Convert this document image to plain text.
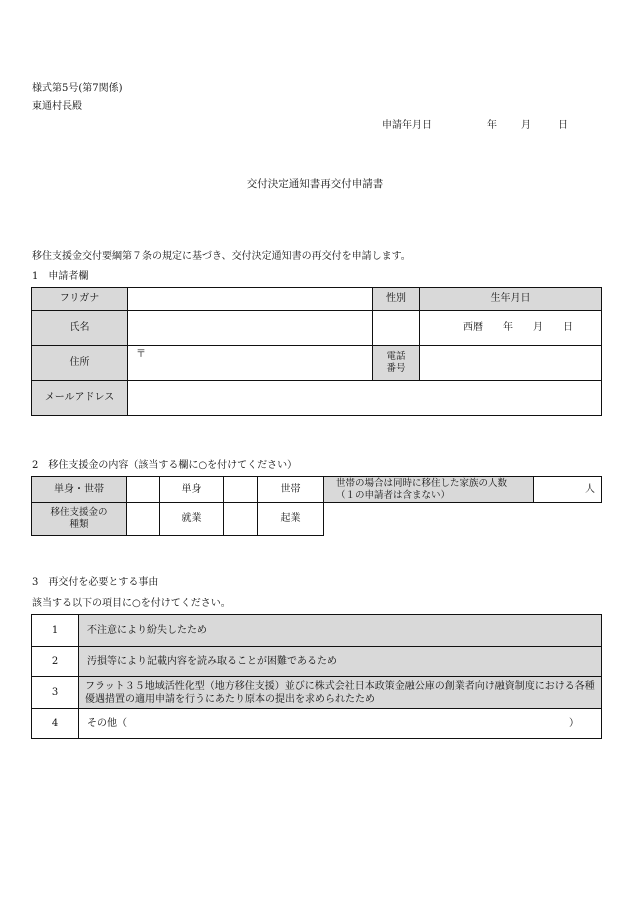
様式第5号(第7関係)
東通村長殿
申請年月日	年 月	日
交付決定通知書再交付申請書
移住支援金交付要綱第７条の規定に基づき、交付決定通知書の再交付を申請します。
1　申請者欄
フリガナ		性別	生年月日
氏名			西暦　　年　　月　　日
住所	〒	電話番号	

メールアドレス			
2　移住支援金の内容（該当する欄に○を付けてください）
単身・世帯		単身		世帯	世帯の場合は同時に移住した家族の人数（１の申請者は含まない）	人

移住支援金の種類		就業		起業		
3　再交付を必要とする事由
該当する以下の項目に○を付けてください。
1	不注意により紛失したため
2	汚損等により記載内容を読み取ることが困難であるため
3	フラット３５地域活性化型（地方移住支援）並びに株式会社日本政策金融公庫の創業者向け融資制度における各種優遇措置の適用申請を行うにあたり原本の提出を求められたため

4	その他（ ）
